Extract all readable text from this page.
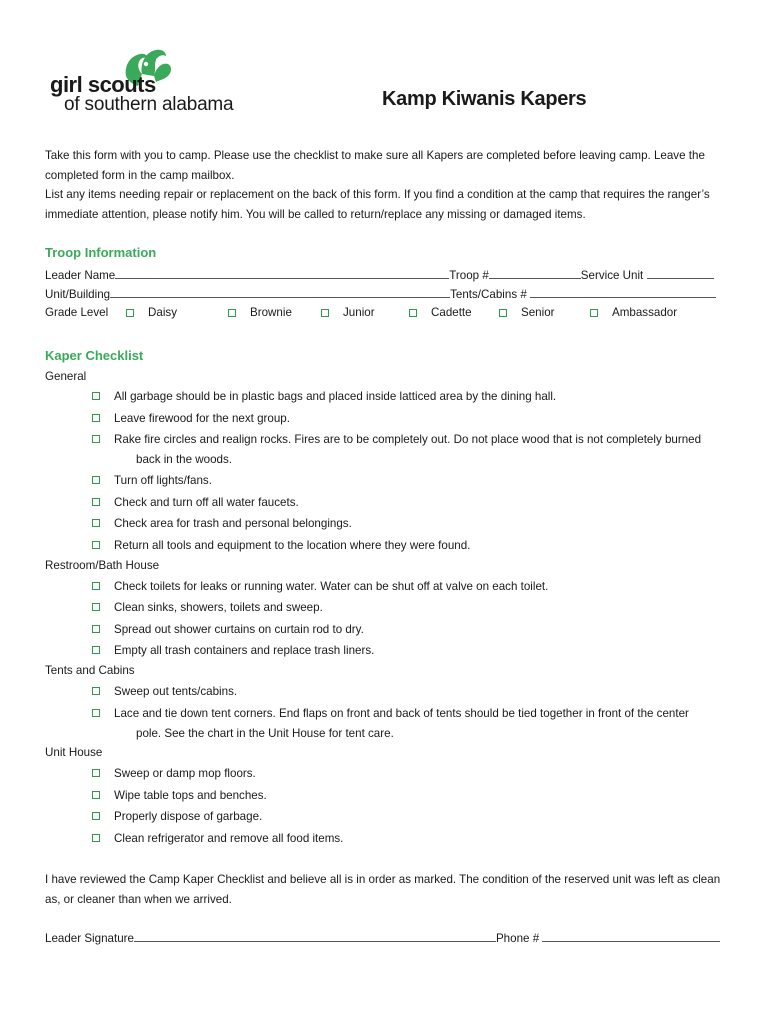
girl scouts
of southern alabama	Kamp Kiwanis Kapers

Take this form with you to camp. Please use the checklist to make sure all Kapers are completed before leaving camp. Leave the completed form in the camp mailbox.

List any items needing repair or replacement on the back of this form. If you find a condition at the camp that requires the ranger’s immediate attention, please notify him. You will be called to return/replace any missing or damaged items.

Troop Information
Leader Name	Troop #	Service Unit
Unit/Building	Tents/Cabins #
Grade Level	Daisy	Brownie	Junior	Cadette	Senior	Ambassador
Kaper Checklist
General
All garbage should be in plastic bags and placed inside latticed area by the dining hall.
Leave firewood for the next group.
Rake fire circles and realign rocks. Fires are to be completely out. Do not place wood that is not completely burned
back in the woods.
Turn off lights/fans.
Check and turn off all water faucets.
Check area for trash and personal belongings.
Return all tools and equipment to the location where they were found.
Restroom/Bath House
Check toilets for leaks or running water. Water can be shut off at valve on each toilet.
Clean sinks, showers, toilets and sweep.
Spread out shower curtains on curtain rod to dry.
Empty all trash containers and replace trash liners.
Tents and Cabins
Sweep out tents/cabins.
Lace and tie down tent corners. End flaps on front and back of tents should be tied together in front of the center
pole. See the chart in the Unit House for tent care.
Unit House
Sweep or damp mop floors.
Wipe table tops and benches.
Properly dispose of garbage.
Clean refrigerator and remove all food items.
I have reviewed the Camp Kaper Checklist and believe all is in order as marked. The condition of the reserved unit was left as clean as, or cleaner than when we arrived.
Leader Signature	Phone #
